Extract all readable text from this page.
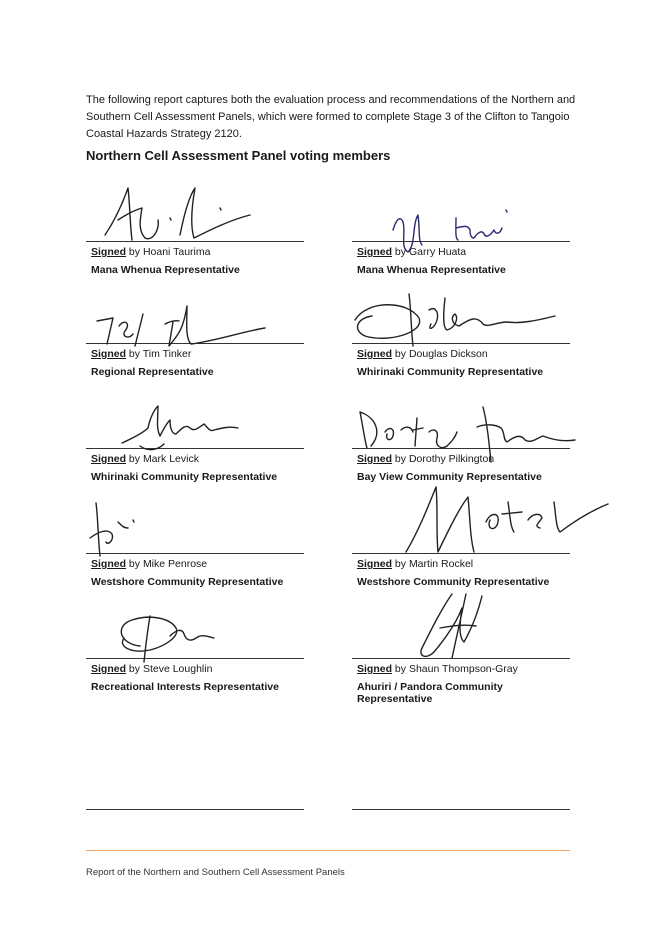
The following report captures both the evaluation process and recommendations of the Northern and Southern Cell Assessment Panels, which were formed to complete Stage 3 of the Clifton to Tangoio Coastal Hazards Strategy 2120.

Northern Cell Assessment Panel voting members
Signed by Hoani Taurima
Mana Whenua Representative
Signed by Garry Huata
Mana Whenua Representative
Signed by Tim Tinker
Regional Representative
Signed by Douglas Dickson
Whirinaki Community Representative
Signed by Mark Levick
Whirinaki Community Representative
Signed by Dorothy Pilkington
Bay View Community Representative
Signed by Mike Penrose
Westshore Community Representative
Signed by Martin Rockel
Westshore Community Representative
Signed by Steve Loughlin
Recreational Interests Representative
Signed by Shaun Thompson-Gray
Ahuriri / Pandora Community Representative
Report of the Northern and Southern Cell Assessment Panels
